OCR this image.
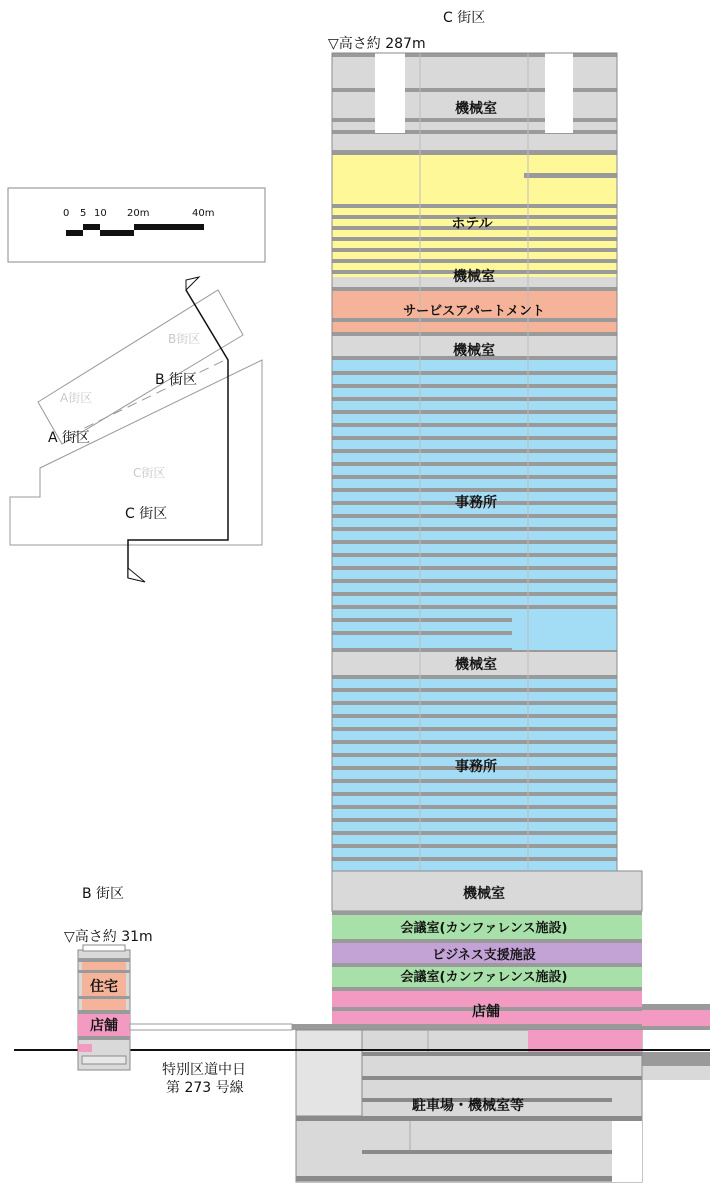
0 5 10 20m	40m
A街区
A 街区
B街区
B 街区
C街区
C 街区
C 街区
▽高さ約 287m
B 街区
▽高さ約 31m
特別区道中日
第 273 号線
住宅
店舗
機械室
ホテル
機械室
サービスアパートメント
機械室
事務所
機械室
事務所
機械室
会議室(カンファレンス施設)
ビジネス支援施設
会議室(カンファレンス施設)
店舗
駐車場・機械室等
